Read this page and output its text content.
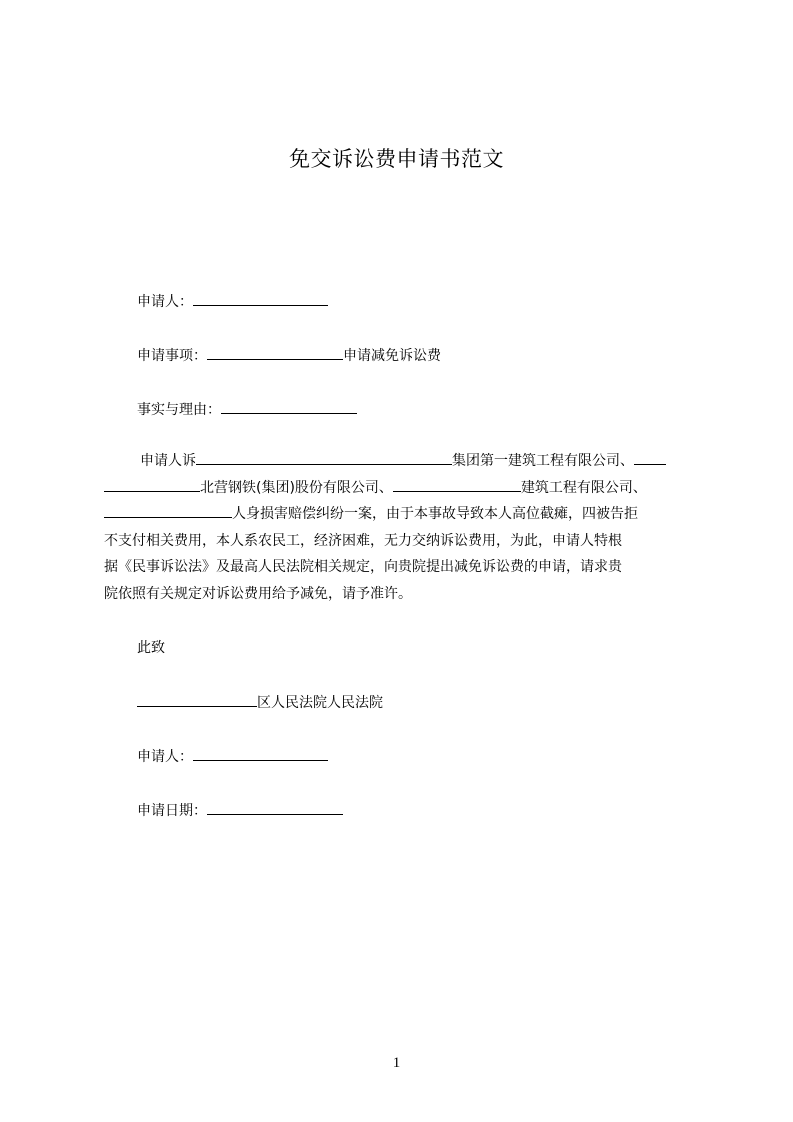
免交诉讼费申请书范文
申请人：
申请事项：	申请减免诉讼费
事实与理由：
申请人诉	集团第一建筑工程有限公司、
北营钢铁(集团)股份有限公司、	建筑工程有限公司、
人身损害赔偿纠纷一案，由于本事故导致本人高位截瘫，四被告拒
不支付相关费用，本人系农民工，经济困难，无力交纳诉讼费用，为此，申请人特根
据《民事诉讼法》及最高人民法院相关规定，向贵院提出减免诉讼费的申请，请求贵
院依照有关规定对诉讼费用给予减免，请予准许。
此致
区人民法院人民法院
申请人：
申请日期：
1
